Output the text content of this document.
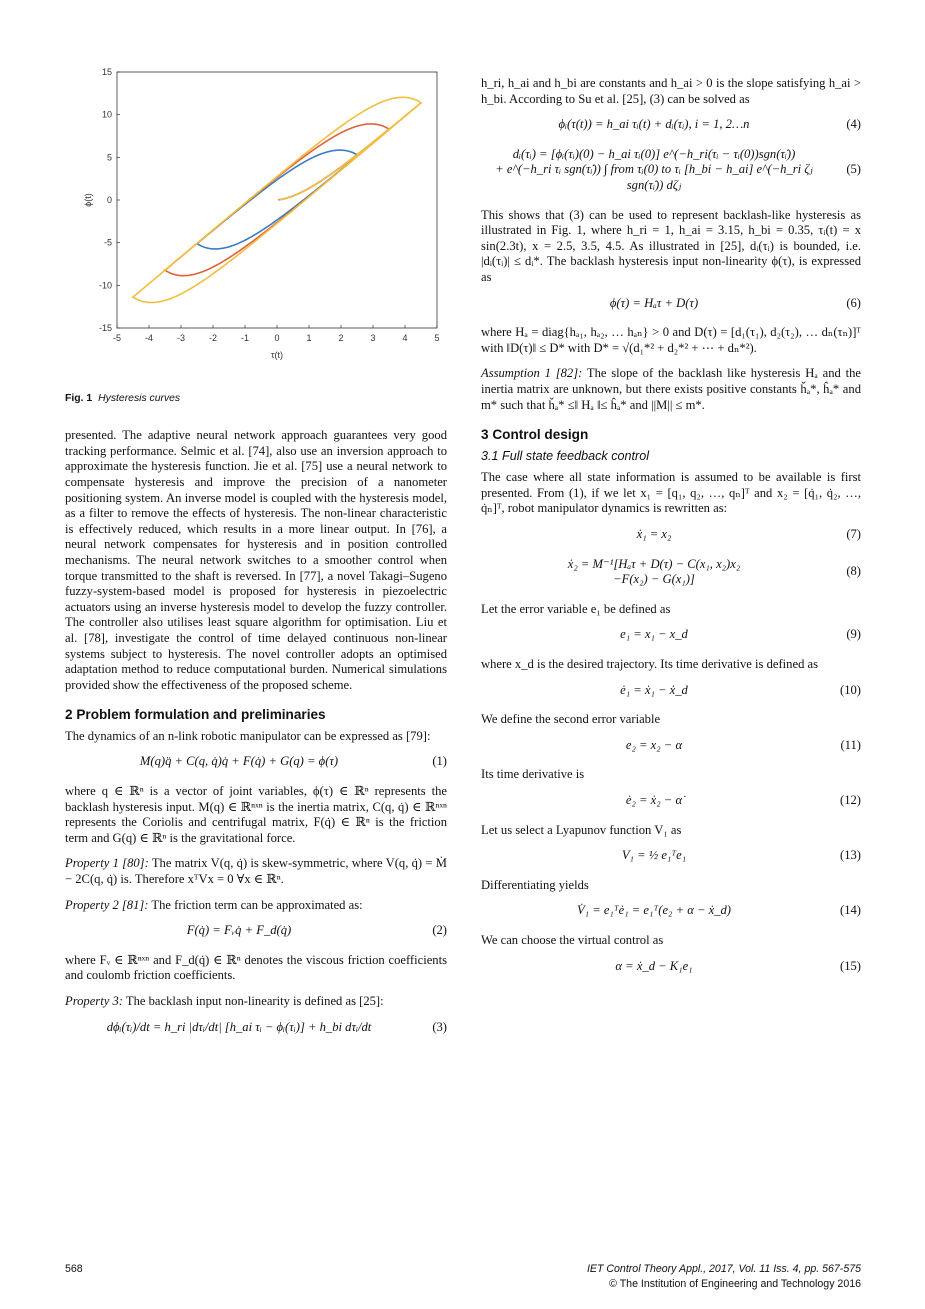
-5	-4	-3	-2	-1	0	1	2	3	4	5
15
10
5
0
-5
-10
-15
τ(t)
ϕ(t)
Fig. 1 Hysteresis curves

presented. The adaptive neural network approach guarantees very good tracking performance. Selmic et al. [74], also use an inversion approach to approximate the hysteresis function. Jie et al. [75] use a neural network to compensate hysteresis and improve the precision of a nanometer positioning system. An inverse model is coupled with the hysteresis model, as a filter to remove the effects of hysteresis. The non-linear characteristic is effectively reduced, which results in a more linear output. In [76], a neural network compensates for hysteresis and in position controlled mechanisms. The neural network switches to a smoother control when torque transmitted to the shaft is reversed. In [77], a novel Takagi–Sugeno fuzzy-system-based model is proposed for hysteresis in piezoelectric actuators using an inverse hysteresis model to develop the fuzzy controller. The controller also utilises least square algorithm for optimisation. Liu et al. [78], investigate the control of time delayed continuous non-linear systems subject to hysteresis. The novel controller adopts an optimised adaptation method to reduce computational burden. Numerical simulations provided show the effectiveness of the proposed scheme.

2 Problem formulation and preliminaries

The dynamics of an n-link robotic manipulator can be expressed as [79]:

M(q)q̈ + C(q, q̇)q̇ + F(q̇) + G(q) = ϕ(τ)	(1)

where q ∈ ℝⁿ is a vector of joint variables, ϕ(τ) ∈ ℝⁿ represents the backlash hysteresis input. M(q) ∈ ℝⁿˣⁿ is the inertia matrix, C(q, q̇) ∈ ℝⁿˣⁿ represents the Coriolis and centrifugal matrix, F(q̇) ∈ ℝⁿ is the friction term and G(q) ∈ ℝⁿ is the gravitational force.

Property 1 [80]: The matrix V(q, q̇) is skew-symmetric, where V(q, q̇) = Ṁ − 2C(q, q̇) is. Therefore xᵀVx = 0 ∀x ∈ ℝⁿ.

Property 2 [81]: The friction term can be approximated as:

F(q̇) = Fᵥq̇ + F_d(q̇)	(2)

where Fᵥ ∈ ℝⁿˣⁿ and F_d(q̇) ∈ ℝⁿ denotes the viscous friction coefficients and coulomb friction coefficients.

Property 3: The backlash input non-linearity is defined as [25]:

dϕᵢ(τᵢ)/dt = h_ri |dτᵢ/dt| [h_ai τᵢ − ϕᵢ(τᵢ)] + h_bi dτᵢ/dt	(3)

h_ri, h_ai and h_bi are constants and h_ai > 0 is the slope satisfying h_ai > h_bi. According to Su et al. [25], (3) can be solved as

ϕᵢ(τ(t)) = h_ai τᵢ(t) + dᵢ(τᵢ), i = 1, 2…n	(4)
dᵢ(τᵢ) = [ϕᵢ(τᵢ)(0) − h_ai τᵢ(0)] e^(−h_ri(τᵢ − τᵢ(0))sgn(τ̇ᵢ))
+ e^(−h_ri τᵢ sgn(τ̇ᵢ)) ∫ from τᵢ(0) to τᵢ [h_bi − h_ai] e^(−h_ri ζⱼ sgn(τ̇ᵢ)) dζⱼ
(5)

This shows that (3) can be used to represent backlash-like hysteresis as illustrated in Fig. 1, where h_ri = 1, h_ai = 3.15, h_bi = 0.35, τᵢ(t) = x sin(2.3t), x = 2.5, 3.5, 4.5. As illustrated in [25], dᵢ(τᵢ) is bounded, i.e. |dᵢ(τᵢ)| ≤ dᵢ*. The backlash hysteresis input non-linearity ϕ(τ), is expressed as

ϕ(τ) = Hₐτ + D(τ)	(6)

where Hₐ = diag{hₐ₁, hₐ₂, … hₐₙ} > 0 and D(τ) = [d₁(τ₁), d₂(τ₂), … dₙ(τₙ)]ᵀ with ‖D(τ)‖ ≤ D* with D* = √(d₁*² + d₂*² + ⋯ + dₙ*²).

Assumption 1 [82]: The slope of the backlash like hysteresis Hₐ and the inertia matrix are unknown, but there exists positive constants ȟₐ*, ĥₐ* and m* such that ȟₐ* ≤‖ Hₐ ‖≤ ĥₐ* and ||M|| ≤ m*.

3 Control design
3.1 Full state feedback control

The case where all state information is assumed to be available is first presented. From (1), if we let x₁ = [q₁, q₂, …, qₙ]ᵀ and x₂ = [q̇₁, q̇₂, …, q̇ₙ]ᵀ, robot manipulator dynamics is rewritten as:

ẋ₁ = x₂	(7)
ẋ₂ = M⁻¹[Hₐτ + D(τ) − C(x₁, x₂)x₂
−F(x₂) − G(x₁)]
(8)

Let the error variable e₁ be defined as

e₁ = x₁ − x_d	(9)

where x_d is the desired trajectory. Its time derivative is defined as

ė₁ = ẋ₁ − ẋ_d	(10)

We define the second error variable

e₂ = x₂ − α	(11)

Its time derivative is

ė₂ = ẋ₂ − α̇	(12)

Let us select a Lyapunov function V₁ as

V₁ = ½ e₁ᵀe₁	(13)

Differentiating yields

V̇₁ = e₁ᵀė₁ = e₁ᵀ(e₂ + α − ẋ_d)	(14)

We can choose the virtual control as

α = ẋ_d − K₁e₁	(15)
568	IET Control Theory Appl., 2017, Vol. 11 Iss. 4, pp. 567-575
© The Institution of Engineering and Technology 2016
